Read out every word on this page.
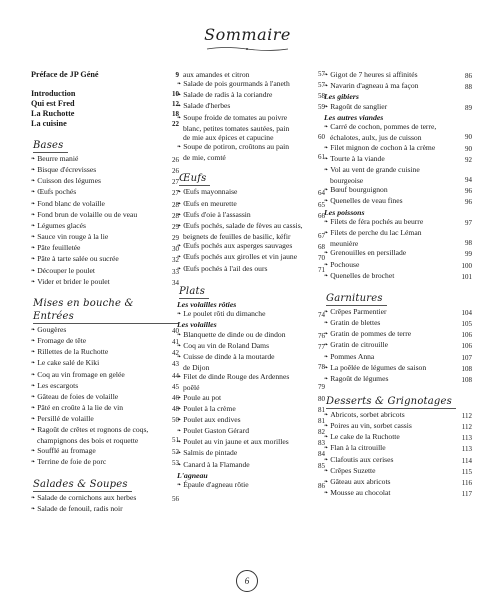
Sommaire
Préface de JP Géné	9
Introduction	10
Qui est Fred	12
La Ruchotte	18
La cuisine	22
Bases
❧ Beurre manié	26
❧ Bisque d'écrevisses	26
❧ Cuisson des légumes	27
❧ Œufs pochés	27
❧ Fond blanc de volaille	28
❧ Fond brun de volaille ou de veau	28
❧ Légumes glacés	29
❧ Sauce vin rouge à la lie	29
❧ Pâte feuilletée	30
❧ Pâte à tarte salée ou sucrée	32
❧ Découper le poulet	33
❧ Vider et brider le poulet	34
Mises en bouche & Entrées
❧ Gougères	40
❧ Fromage de tête	41
❧ Rillettes de la Ruchotte	42
❧ Le cake salé de Kiki	43
❧ Coq au vin fromage en gelée	44
❧ Les escargots	45
❧ Gâteau de foies de volaille	46
❧ Pâté en croûte à la lie de vin	48
❧ Persillé de volaille	50
❧ Ragoût de crêtes et rognons de coqs,
champignons des bois et roquette	51
❧ Soufflé au fromage	52
❧ Terrine de foie de porc	53
Salades & Soupes
❧ Salade de cornichons aux herbes	56
❧ Salade de fenouil, radis noir
aux amandes et citron	57
❧ Salade de pois gourmands à l'aneth	57
❧ Salade de radis à la coriandre	58
❧ Salade d'herbes	59
❧ Soupe froide de tomates au poivre
blanc, petites tomates sautées, pain
de mie aux épices et capucine	60
❧ Soupe de potiron, croûtons au pain
de mie, comté	61
Œufs
❧ Œufs mayonnaise	64
❧ Œufs en meurette	65
❧ Œufs d'oie à l'assassin	66
❧ Œufs pochés, salade de fèves au cassis,
beignets de feuilles de basilic, kéfir	67
❧ Œufs pochés aux asperges sauvages	68
❧ Œufs pochés aux girolles et vin jaune	70
❧ Œufs pochés à l'ail des ours	71
Plats
Les volailles rôties
❧ Le poulet rôti du dimanche	74
Les volailles
❧ Blanquette de dinde ou de dindon	76
❧ Coq au vin de Roland Dams	77
❧ Cuisse de dinde à la moutarde
de Dijon	78
❧ Filet de dinde Rouge des Ardennes
poêlé	79
❧ Poule au pot	80
❧ Poulet à la crème	81
❧ Poulet aux endives	81
❧ Poulet Gaston Gérard	82
❧ Poulet au vin jaune et aux morilles	83
❧ Salmis de pintade	84
❧ Canard à la Flamande	85
L'agneau
❧ Épaule d'agneau rôtie	86
❧ Gigot de 7 heures si affinités	86
❧ Navarin d'agneau à ma façon	88
Les gibiers
❧ Ragoût de sanglier	89
Les autres viandes
❧ Carré de cochon, pommes de terre,
échalotes, aulx, jus de cuisson	90
❧ Filet mignon de cochon à la crème	90
❧ Tourte à la viande	92
❧ Vol au vent de grande cuisine
bourgeoise	94
❧ Bœuf bourguignon	96
❧ Quenelles de veau fines	96
Les poissons
❧ Filets de féra pochés au beurre	97
❧ Filets de perche du lac Léman
meunière	98
❧ Grenouilles en persillade	99
❧ Pochouse	100
❧ Quenelles de brochet	101
Garnitures
❧ Crêpes Parmentier	104
❧ Gratin de blettes	105
❧ Gratin de pommes de terre	106
❧ Gratin de citrouille	106
❧ Pommes Anna	107
❧ La poêlée de légumes de saison	108
❧ Ragoût de légumes	108
Desserts & Grignotages
❧ Abricots, sorbet abricots	112
❧ Poires au vin, sorbet cassis	112
❧ Le cake de la Ruchotte	113
❧ Flan à la citrouille	113
❧ Clafoutis aux cerises	114
❧ Crêpes Suzette	115
❧ Gâteau aux abricots	116
❧ Mousse au chocolat	117
6
